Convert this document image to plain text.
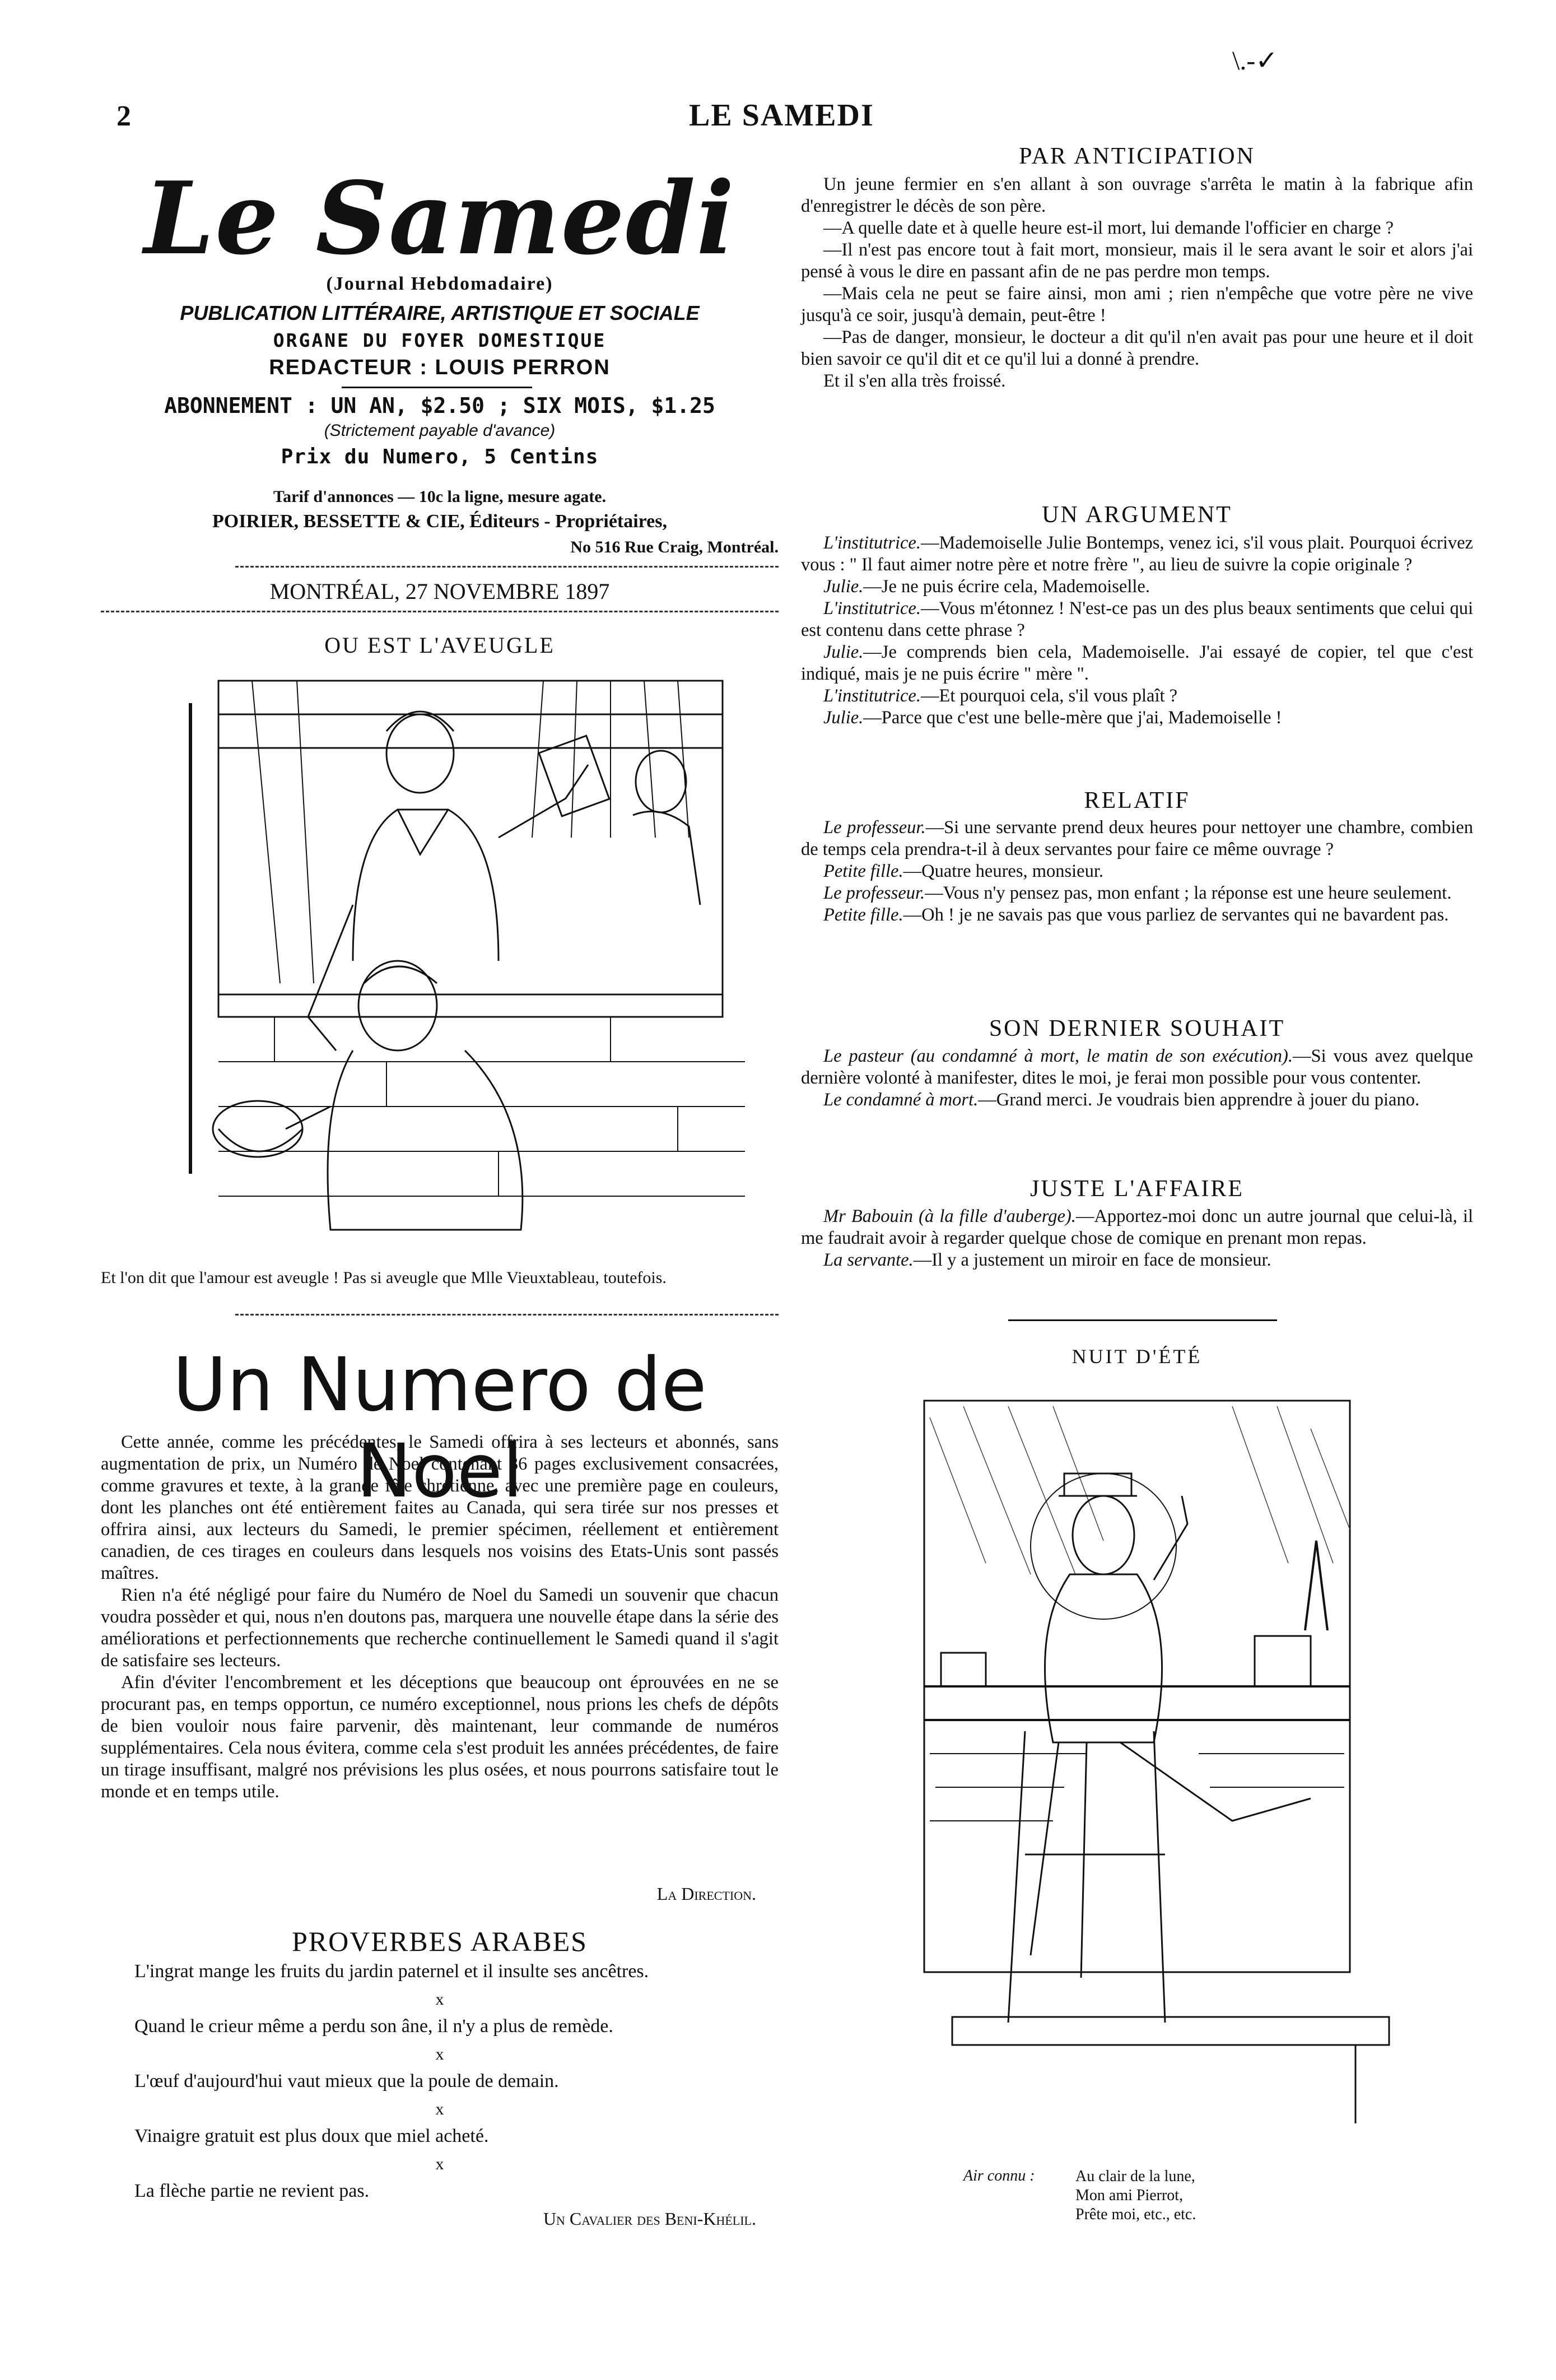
2	LE SAMEDI
\.-✓
Le Samedi
(Journal Hebdomadaire)
PUBLICATION LITTÉRAIRE, ARTISTIQUE ET SOCIALE
ORGANE DU FOYER DOMESTIQUE
REDACTEUR : LOUIS PERRON
ABONNEMENT : UN AN, $2.50 ; SIX MOIS, $1.25
(Strictement payable d'avance)
Prix du Numero, 5 Centins
Tarif d'annonces — 10c la ligne, mesure agate.
POIRIER, BESSETTE & CIE, Éditeurs - Propriétaires,
No 516 Rue Craig, Montréal.
MONTRÉAL, 27 NOVEMBRE 1897
OU EST L'AVEUGLE
Et l'on dit que l'amour est aveugle ! Pas si aveugle que Mlle Vieuxtableau, toutefois.
Un Numero de Noel

Cette année, comme les précédentes, le Samedi offrira à ses lecteurs et abonnés, sans augmentation de prix, un Numéro de Noel contenant 36 pages exclusivement consacrées, comme gravures et texte, à la grande fête chrétienne, avec une première page en couleurs, dont les planches ont été entièrement faites au Canada, qui sera tirée sur nos presses et offrira ainsi, aux lecteurs du Samedi, le premier spécimen, réellement et entièrement canadien, de ces tirages en couleurs dans lesquels nos voisins des Etats-Unis sont passés maîtres.

Rien n'a été négligé pour faire du Numéro de Noel du Samedi un souvenir que chacun voudra possèder et qui, nous n'en doutons pas, marquera une nouvelle étape dans la série des améliorations et perfectionnements que recherche continuellement le Samedi quand il s'agit de satisfaire ses lecteurs.

Afin d'éviter l'encombrement et les déceptions que beaucoup ont éprouvées en ne se procurant pas, en temps opportun, ce numéro exceptionnel, nous prions les chefs de dépôts de bien vouloir nous faire parvenir, dès maintenant, leur commande de numéros supplémentaires. Cela nous évitera, comme cela s'est produit les années précédentes, de faire un tirage insuffisant, malgré nos prévisions les plus osées, et nous pourrons satisfaire tout le monde et en temps utile.

La Direction.
PROVERBES ARABES
L'ingrat mange les fruits du jardin paternel et il insulte ses ancêtres.
x
Quand le crieur même a perdu son âne, il n'y a plus de remède.
x
L'œuf d'aujourd'hui vaut mieux que la poule de demain.
x
Vinaigre gratuit est plus doux que miel acheté.
x
La flèche partie ne revient pas.
Un Cavalier des Beni-Khélil.
PAR ANTICIPATION

Un jeune fermier en s'en allant à son ouvrage s'arrêta le matin à la fabrique afin d'enregistrer le décès de son père.

—A quelle date et à quelle heure est-il mort, lui demande l'officier en charge ?

—Il n'est pas encore tout à fait mort, monsieur, mais il le sera avant le soir et alors j'ai pensé à vous le dire en passant afin de ne pas perdre mon temps.

—Mais cela ne peut se faire ainsi, mon ami ; rien n'empêche que votre père ne vive jusqu'à ce soir, jusqu'à demain, peut-être !

—Pas de danger, monsieur, le docteur a dit qu'il n'en avait pas pour une heure et il doit bien savoir ce qu'il dit et ce qu'il lui a donné à prendre.

Et il s'en alla très froissé.

UN ARGUMENT

L'institutrice.—Mademoiselle Julie Bontemps, venez ici, s'il vous plait. Pourquoi écrivez vous : " Il faut aimer notre père et notre frère ", au lieu de suivre la copie originale ?

Julie.—Je ne puis écrire cela, Mademoiselle.

L'institutrice.—Vous m'étonnez ! N'est-ce pas un des plus beaux sentiments que celui qui est contenu dans cette phrase ?

Julie.—Je comprends bien cela, Mademoiselle. J'ai essayé de copier, tel que c'est indiqué, mais je ne puis écrire " mère ".

L'institutrice.—Et pourquoi cela, s'il vous plaît ?

Julie.—Parce que c'est une belle-mère que j'ai, Mademoiselle !

RELATIF

Le professeur.—Si une servante prend deux heures pour nettoyer une chambre, combien de temps cela prendra-t-il à deux servantes pour faire ce même ouvrage ?

Petite fille.—Quatre heures, monsieur.

Le professeur.—Vous n'y pensez pas, mon enfant ; la réponse est une heure seulement.

Petite fille.—Oh ! je ne savais pas que vous parliez de servantes qui ne bavardent pas.

SON DERNIER SOUHAIT

Le pasteur (au condamné à mort, le matin de son exécution).—Si vous avez quelque dernière volonté à manifester, dites le moi, je ferai mon possible pour vous contenter.

Le condamné à mort.—Grand merci. Je voudrais bien apprendre à jouer du piano.

JUSTE L'AFFAIRE

Mr Babouin (à la fille d'auberge).—Apportez-moi donc un autre journal que celui-là, il me faudrait avoir à regarder quelque chose de comique en prenant mon repas.

La servante.—Il y a justement un miroir en face de monsieur.

NUIT D'ÉTÉ
Air connu :	Au clair de la lune,
Mon ami Pierrot,
Prête moi, etc., etc.
